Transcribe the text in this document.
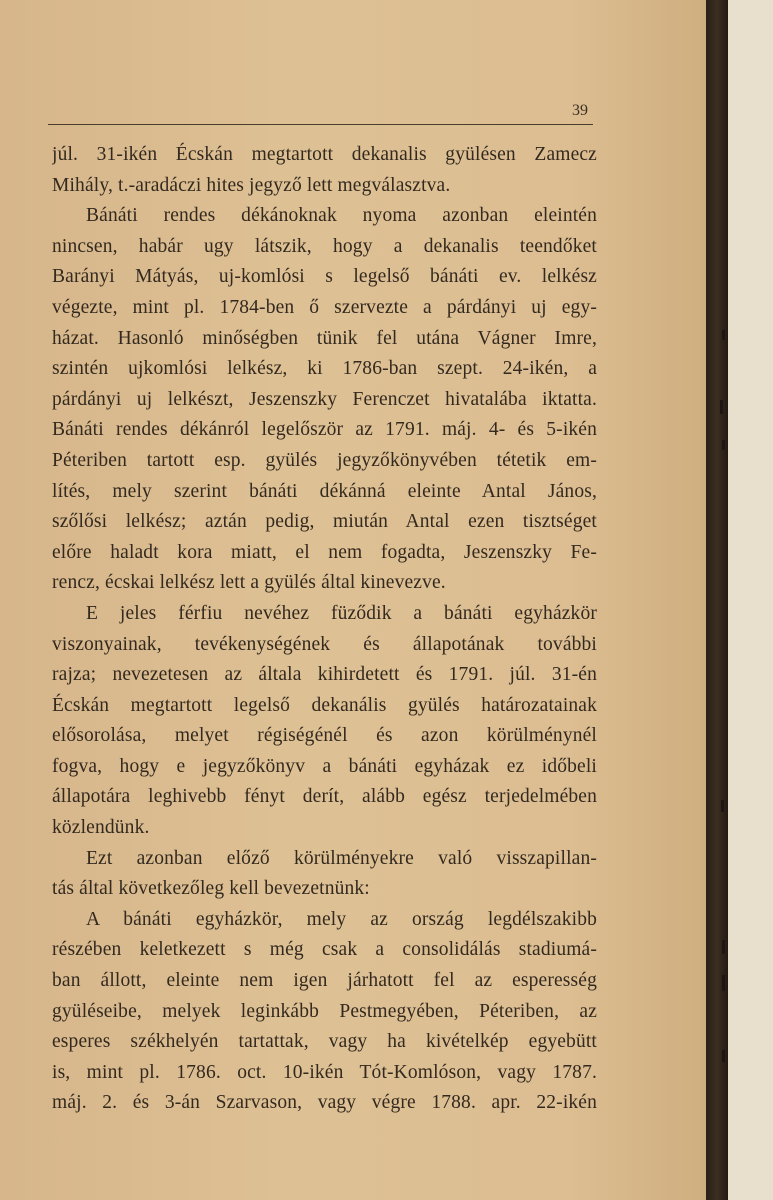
39
júl. 31-ikén Écskán megtartott dekanalis gyülésen Zamecz
Mihály, t.-aradáczi hites jegyző lett megválasztva.
Bánáti rendes dékánoknak nyoma azonban eleintén
nincsen, habár ugy látszik, hogy a dekanalis teendőket
Barányi Mátyás, uj-komlósi s legelső bánáti ev. lelkész
végezte, mint pl. 1784-ben ő szervezte a párdányi uj egy-
házat. Hasonló minőségben tünik fel utána Vágner Imre,
szintén ujkomlósi lelkész, ki 1786-ban szept. 24-ikén, a
párdányi uj lelkészt, Jeszenszky Ferenczet hivatalába iktatta.
Bánáti rendes dékánról legelőször az 1791. máj. 4- és 5-ikén
Péteriben tartott esp. gyülés jegyzőkönyvében tétetik em-
lítés, mely szerint bánáti dékánná eleinte Antal János,
szőlősi lelkész; aztán pedig, miután Antal ezen tisztséget
előre haladt kora miatt, el nem fogadta, Jeszenszky Fe-
rencz, écskai lelkész lett a gyülés által kinevezve.
E jeles férfiu nevéhez füződik a bánáti egyházkör
viszonyainak, tevékenységének és állapotának további
rajza; nevezetesen az általa kihirdetett és 1791. júl. 31-én
Écskán megtartott legelső dekanális gyülés határozatainak
elősorolása, melyet régiségénél és azon körülménynél
fogva, hogy e jegyzőkönyv a bánáti egyházak ez időbeli
állapotára leghivebb fényt derít, alább egész terjedelmében
közlendünk.
Ezt azonban előző körülményekre való visszapillan-
tás által következőleg kell bevezetnünk:
A bánáti egyházkör, mely az ország legdélszakibb
részében keletkezett s még csak a consolidálás stadiumá-
ban állott, eleinte nem igen járhatott fel az esperesség
gyüléseibe, melyek leginkább Pestmegyében, Péteriben, az
esperes székhelyén tartattak, vagy ha kivételkép egyebütt
is, mint pl. 1786. oct. 10-ikén Tót-Komlóson, vagy 1787.
máj. 2. és 3-án Szarvason, vagy végre 1788. apr. 22-ikén
